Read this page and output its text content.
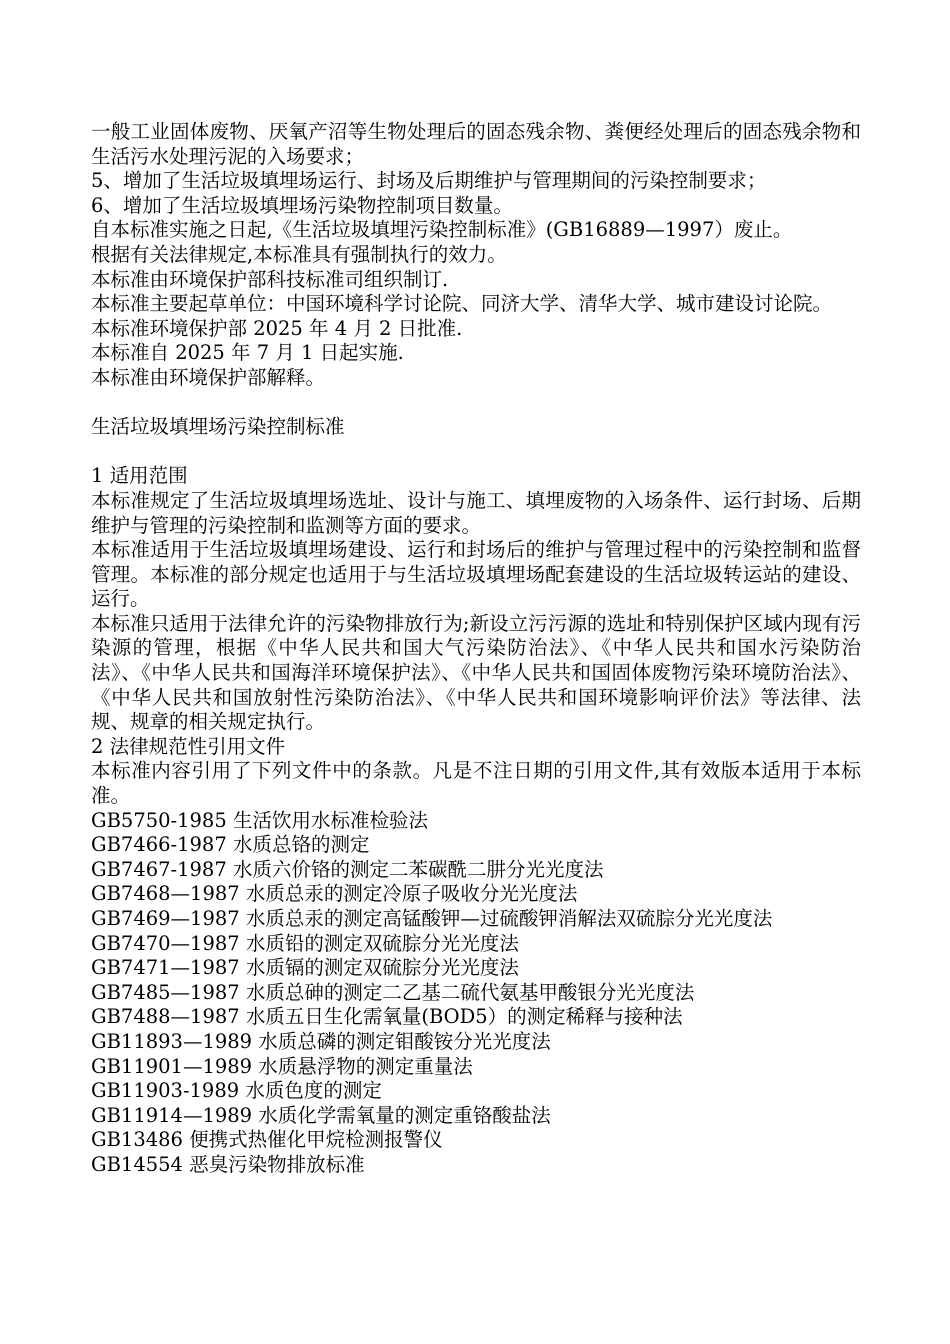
一般工业固体废物、厌氧产沼等生物处理后的固态残余物、粪便经处理后的固态残余物和生活污水处理污泥的入场要求；

5、增加了生活垃圾填埋场运行、封场及后期维护与管理期间的污染控制要求；

6、增加了生活垃圾填埋场污染物控制项目数量。

自本标准实施之日起,《生活垃圾填埋污染控制标准》(GB16889—1997）废止。

根据有关法律规定,本标准具有强制执行的效力。

本标准由环境保护部科技标准司组织制订.

本标准主要起草单位：中国环境科学讨论院、同济大学、清华大学、城市建设讨论院。

本标准环境保护部 2025 年 4 月 2 日批准.

本标准自 2025 年 7 月 1 日起实施.

本标准由环境保护部解释。

生活垃圾填埋场污染控制标准

1 适用范围

本标准规定了生活垃圾填埋场选址、设计与施工、填埋废物的入场条件、运行封场、后期维护与管理的污染控制和监测等方面的要求。

本标准适用于生活垃圾填埋场建设、运行和封场后的维护与管理过程中的污染控制和监督管理。本标准的部分规定也适用于与生活垃圾填埋场配套建设的生活垃圾转运站的建设、运行。

本标准只适用于法律允许的污染物排放行为;新设立污污源的选址和特别保护区域内现有污染源的管理，根据《中华人民共和国大气污染防治法》、《中华人民共和国水污染防治法》、《中华人民共和国海洋环境保护法》、《中华人民共和国固体废物污染环境防治法》、《中华人民共和国放射性污染防治法》、《中华人民共和国环境影响评价法》等法律、法规、规章的相关规定执行。

2 法律规范性引用文件

本标准内容引用了下列文件中的条款。凡是不注日期的引用文件,其有效版本适用于本标准。

GB5750-1985 生活饮用水标准检验法
GB7466-1987 水质总铬的测定
GB7467-1987 水质六价铬的测定二苯碳酰二肼分光光度法
GB7468—1987 水质总汞的测定冷原子吸收分光光度法
GB7469—1987 水质总汞的测定高锰酸钾—过硫酸钾消解法双硫腙分光光度法
GB7470—1987 水质铅的测定双硫腙分光光度法
GB7471—1987 水质镉的测定双硫腙分光光度法
GB7485—1987 水质总砷的测定二乙基二硫代氨基甲酸银分光光度法
GB7488—1987 水质五日生化需氧量(BOD5）的测定稀释与接种法
GB11893—1989 水质总磷的测定钼酸铵分光光度法
GB11901—1989 水质悬浮物的测定重量法
GB11903-1989 水质色度的测定
GB11914—1989 水质化学需氧量的测定重铬酸盐法
GB13486 便携式热催化甲烷检测报警仪
GB14554 恶臭污染物排放标准
